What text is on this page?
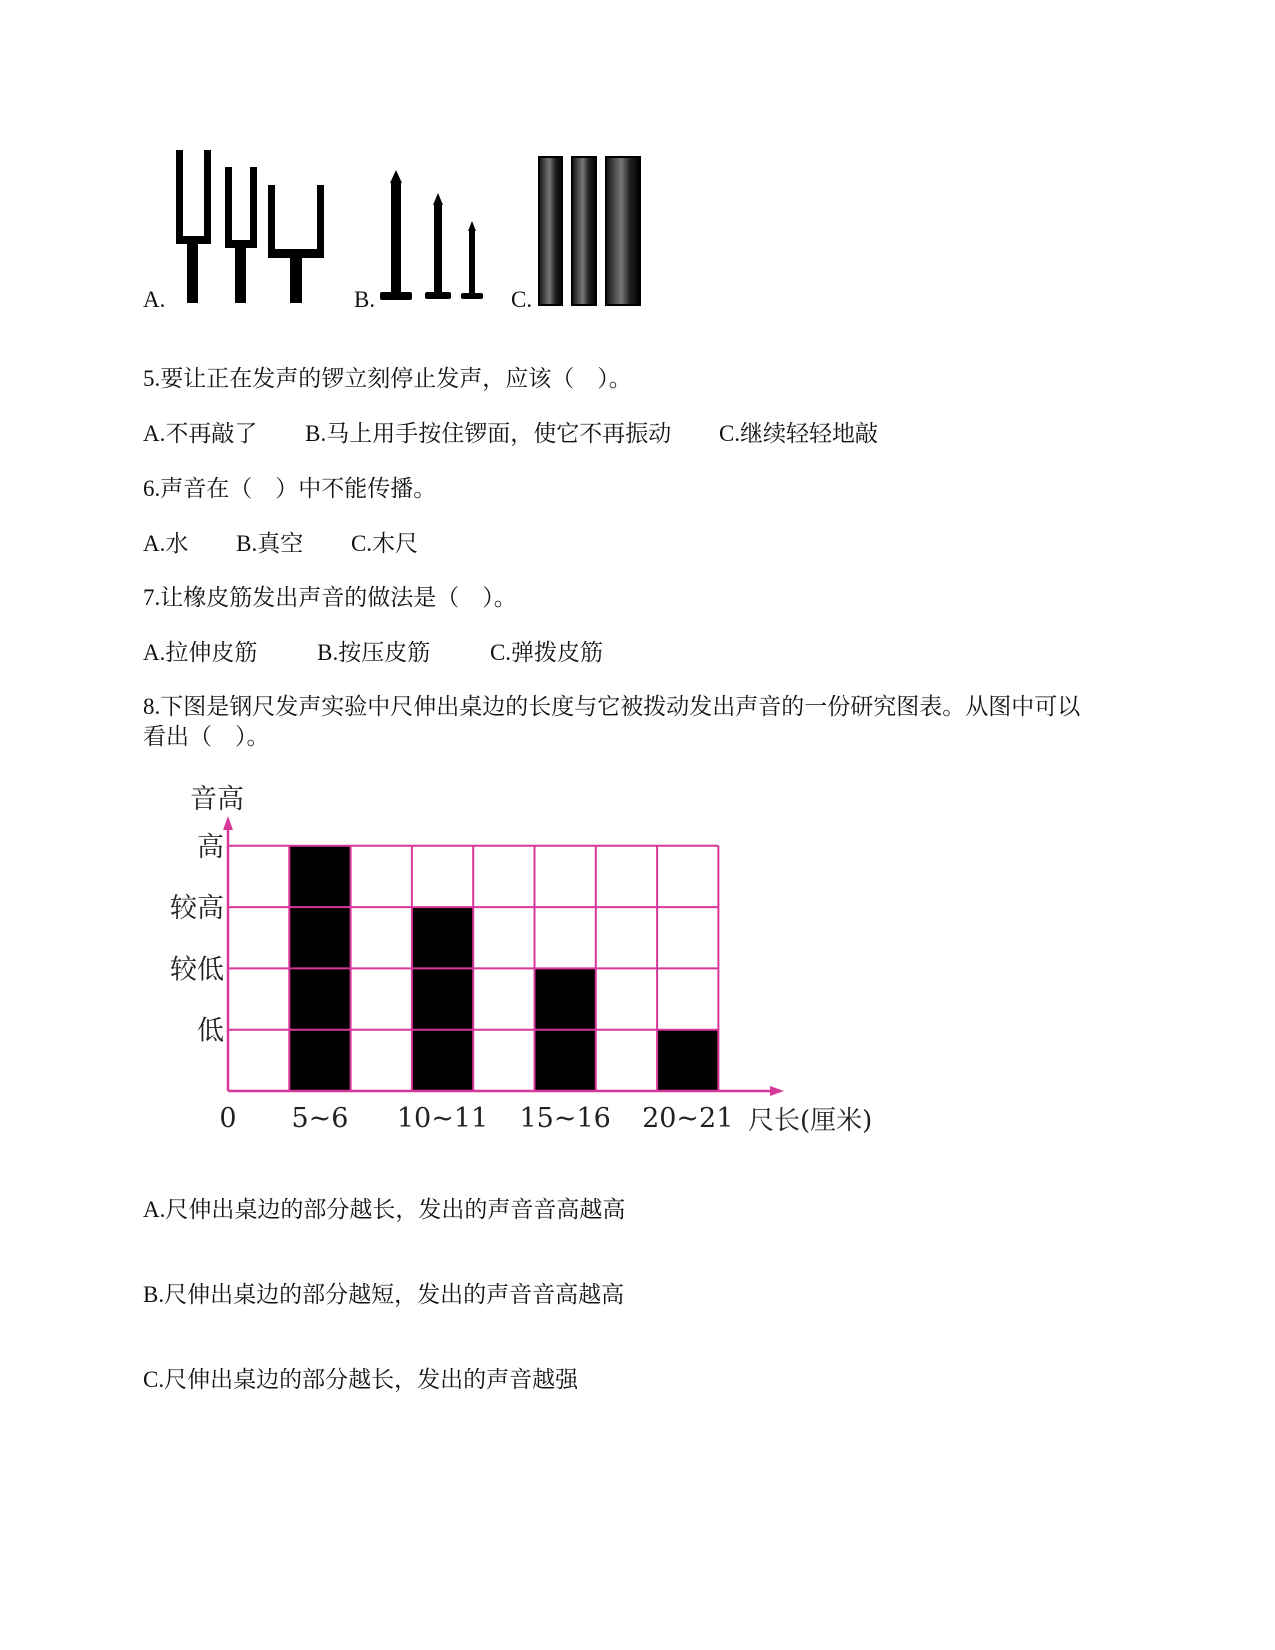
A.	B.	C.
5.要让正在发声的锣立刻停止发声，应该（　）。
A.不再敲了 B.马上用手按住锣面，使它不再振动 C.继续轻轻地敲
6.声音在（　）中不能传播。
A.水 B.真空 C.木尺
7.让橡皮筋发出声音的做法是（　）。
A.拉伸皮筋	B.按压皮筋	C.弹拨皮筋
8.下图是钢尺发声实验中尺伸出桌边的长度与它被拨动发出声音的一份研究图表。从图中可以看出（　）。
音高
低
较低
较高
高
0 5~6 10~11 15~16 20~21 尺长(厘米)
A.尺伸出桌边的部分越长，发出的声音音高越高
B.尺伸出桌边的部分越短，发出的声音音高越高
C.尺伸出桌边的部分越长，发出的声音越强
